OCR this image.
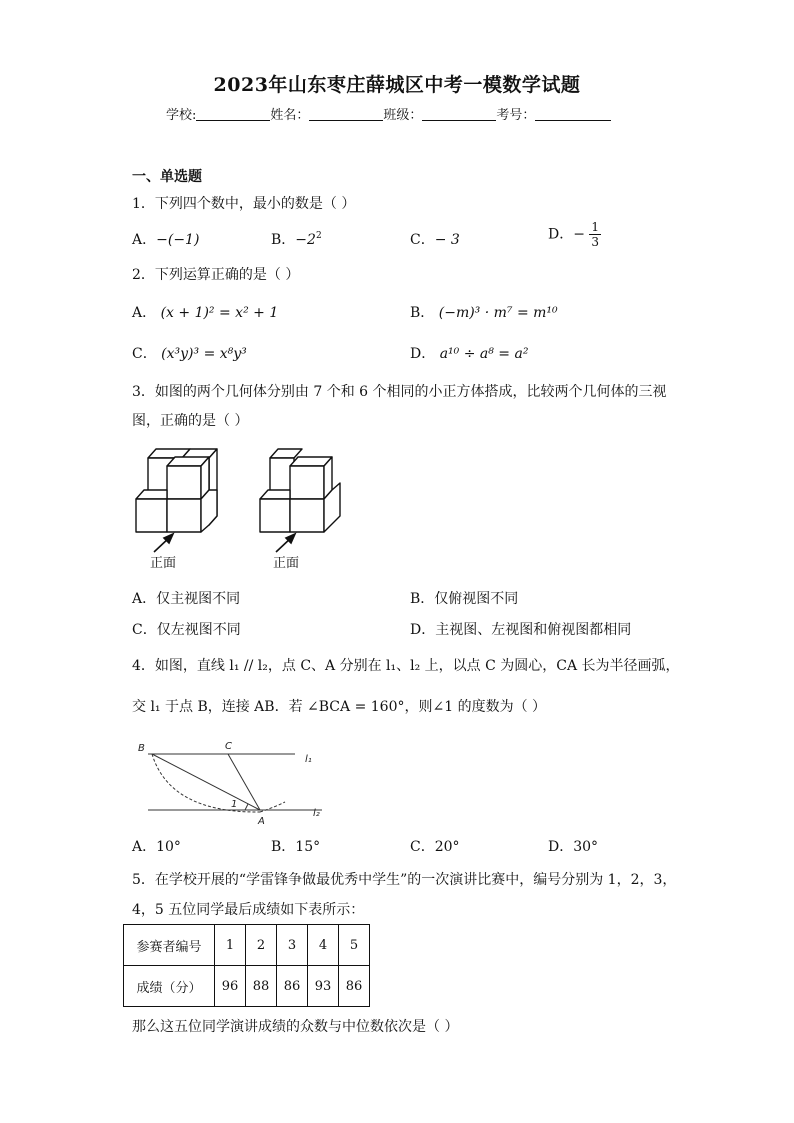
2023年山东枣庄薛城区中考一模数学试题
学校:	姓名：	班级：	考号：
一、单选题
1．下列四个数中，最小的数是（ ）
A．−(−1)	B．$-2^2$	C．− 3	D．− $\frac{1}{3}$
2．下列运算正确的是（ ）
A． (x + 1)² = x² + 1	B． (−m)³ · m⁷ = m¹⁰
C． (x³y)³ = x⁸y³	D． a¹⁰ ÷ a⁸ = a²
3．如图的两个几何体分别由 7 个和 6 个相同的小正方体搭成，比较两个几何体的三视
图，正确的是（ ）
正面	正面
A．仅主视图不同	B．仅俯视图不同
C．仅左视图不同	D．主视图、左视图和俯视图都相同
4．如图，直线 l₁ // l₂，点 C、A 分别在 l₁、l₂ 上，以点 C 为圆心，CA 长为半径画弧，
交 l₁ 于点 B，连接 AB．若 ∠BCA = 160°，则∠1 的度数为（ ）
B	C
A
1
l₁
l₂
A．10°	B．15°	C．20°	D．30°
5．在学校开展的“学雷锋争做最优秀中学生”的一次演讲比赛中，编号分别为 1，2，3，
4，5 五位同学最后成绩如下表所示：
参赛者编号	1	2	3	4	5
成绩（分）	96	88	86	93	86
那么这五位同学演讲成绩的众数与中位数依次是（ ）
